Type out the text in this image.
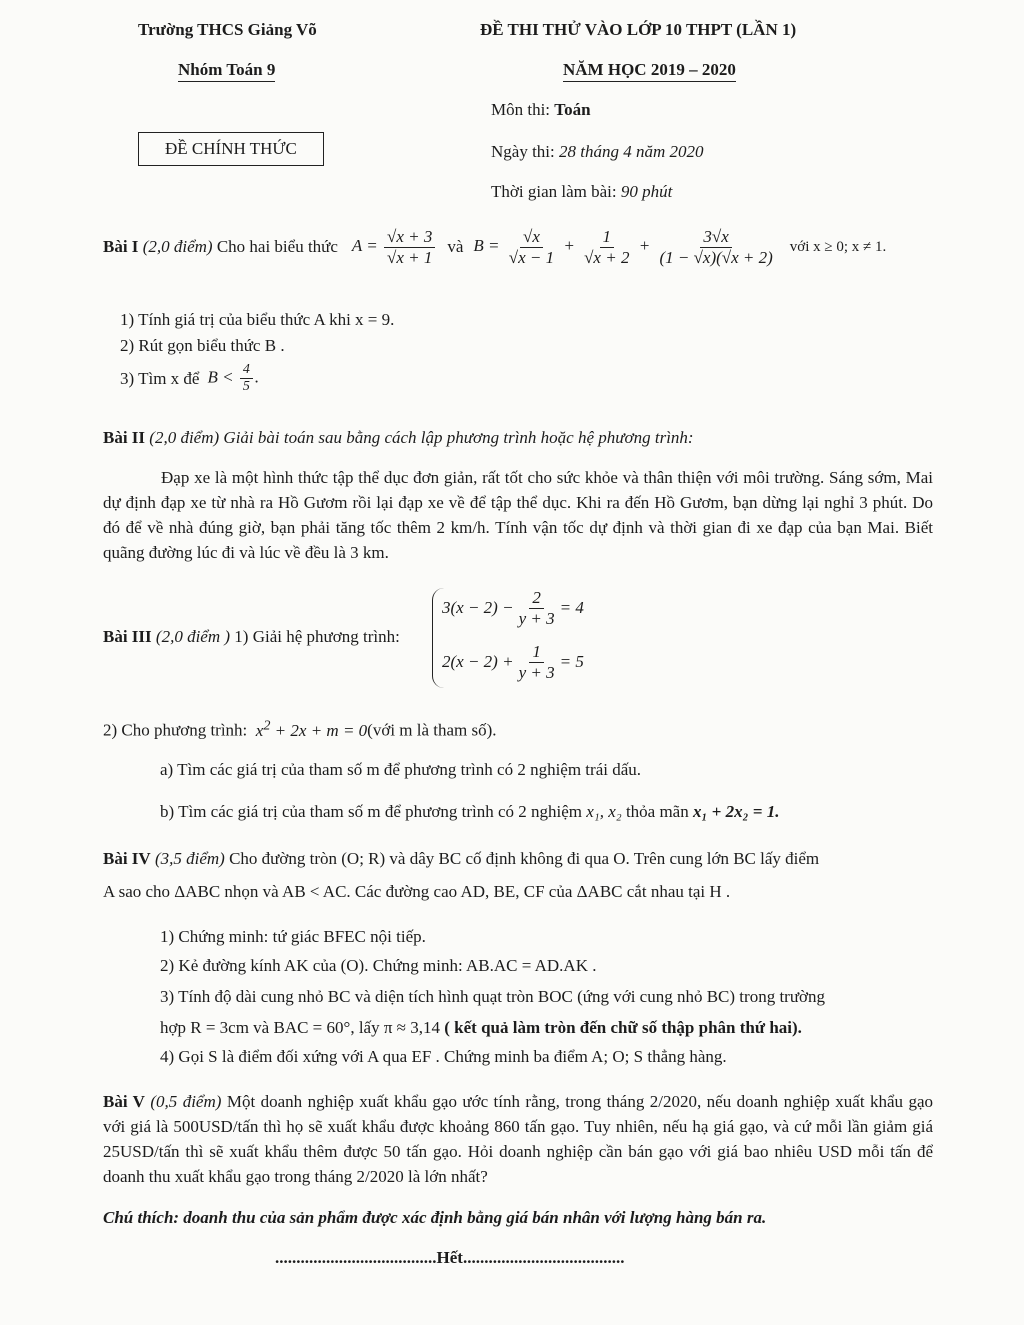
Trường THCS Giảng Võ
Nhóm Toán 9
ĐỀ THI THỬ VÀO LỚP 10 THPT (LẦN 1)
NĂM HỌC 2019 – 2020
ĐỀ CHÍNH THỨC
Môn thi: Toán
Ngày thi: 28 tháng 4 năm 2020
Thời gian làm bài: 90 phút
Bài I
(2,0 điểm)
Cho hai biểu thức $A = \frac{√x + 3}{√x + 1}$ và $B = \frac{√x}{√x - 1} + \frac{1}{√x + 2} + \frac{3√x}{(1 - √x)(√x + 2)}$ với x ≥ 0; x ≠ 1.
1) Tính giá trị của biểu thức A khi x = 9.
2) Rút gọn biểu thức B .
3) Tìm x để $B < \frac{4}{5}$ .
Bài II (2,0 điểm) Giải bài toán sau bằng cách lập phương trình hoặc hệ phương trình:
Đạp xe là một hình thức tập thể dục đơn giản, rất tốt cho sức khỏe và thân thiện với môi trường. Sáng sớm, Mai dự định đạp xe từ nhà ra Hồ Gươm rồi lại đạp xe về để tập thể dục. Khi ra đến Hồ Gươm, bạn dừng lại nghỉ 3 phút. Do đó để về nhà đúng giờ, bạn phải tăng tốc thêm 2 km/h. Tính vận tốc dự định và thời gian đi xe đạp của bạn Mai. Biết quãng đường lúc đi và lúc về đều là 3 km.
Bài III (2,0 điểm ) 1) Giải hệ phương trình:
$3(x - 2) - \frac{2}{y + 3} = 4$
$2(x - 2) + \frac{1}{y + 3} = 5$
2) Cho phương trình:  $x^2 + 2x + m$ = 0(với m là tham số).
a) Tìm các giá trị của tham số m để phương trình có 2 nghiệm trái dấu.
b) Tìm các giá trị của tham số m để phương trình có 2 nghiệm x₁, x₂ thỏa mãn x₁ + 2x₂ = 1.
Bài IV (3,5 điểm) Cho đường tròn (O; R) và dây BC cố định không đi qua O. Trên cung lớn BC lấy điểm
A sao cho ΔABC nhọn và AB < AC. Các đường cao AD, BE, CF của ΔABC cắt nhau tại H .
1) Chứng minh: tứ giác BFEC nội tiếp.
2) Kẻ đường kính AK của (O). Chứng minh: AB.AC = AD.AK .
3) Tính độ dài cung nhỏ BC và diện tích hình quạt tròn BOC (ứng với cung nhỏ BC) trong trường
hợp R = 3cm và BAC = 60°, lấy π ≈ 3,14 ( kết quả làm tròn đến chữ số thập phân thứ hai).
4) Gọi S là điểm đối xứng với A qua EF . Chứng minh ba điểm A; O; S thẳng hàng.
Bài V (0,5 điểm) Một doanh nghiệp xuất khẩu gạo ước tính rằng, trong tháng 2/2020, nếu doanh nghiệp xuất khẩu gạo với giá là 500USD/tấn thì họ sẽ xuất khẩu được khoảng 860 tấn gạo. Tuy nhiên, nếu hạ giá gạo, và cứ mỗi lần giảm giá 25USD/tấn thì sẽ xuất khẩu thêm được 50 tấn gạo. Hỏi doanh nghiệp cần bán gạo với giá bao nhiêu USD mỗi tấn để doanh thu xuất khẩu gạo trong tháng 2/2020 là lớn nhất?
Chú thích: doanh thu của sản phẩm được xác định bằng giá bán nhân với lượng hàng bán ra.
......................................Hết......................................
